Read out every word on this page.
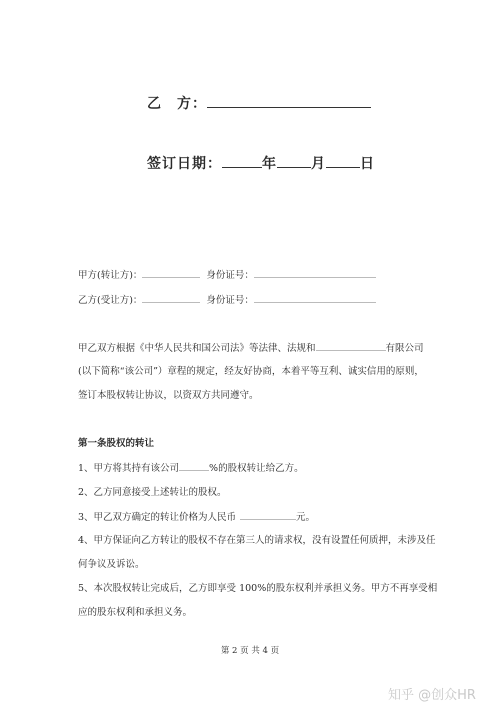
乙　方：
签订日期：	年 月 日
甲方(转让方)：	身份证号：
乙方(受让方)：	身份证号：
甲乙双方根据《中华人民共和国公司法》等法律、法规和	有限公司
(以下简称“该公司”）章程的规定，经友好协商，本着平等互利、诚实信用的原则，
签订本股权转让协议，以资双方共同遵守。
第一条股权的转让
1、甲方将其持有该公司	%的股权转让给乙方。
2、乙方同意接受上述转让的股权。
3、甲乙双方确定的转让价格为人民币	元。
4、甲方保证向乙方转让的股权不存在第三人的请求权，没有设置任何质押，未涉及任
何争议及诉讼。
5、本次股权转让完成后，乙方即享受 100%的股东权利并承担义务。甲方不再享受相
应的股东权利和承担义务。
第 2 页 共 4 页
知乎 @创众HR
